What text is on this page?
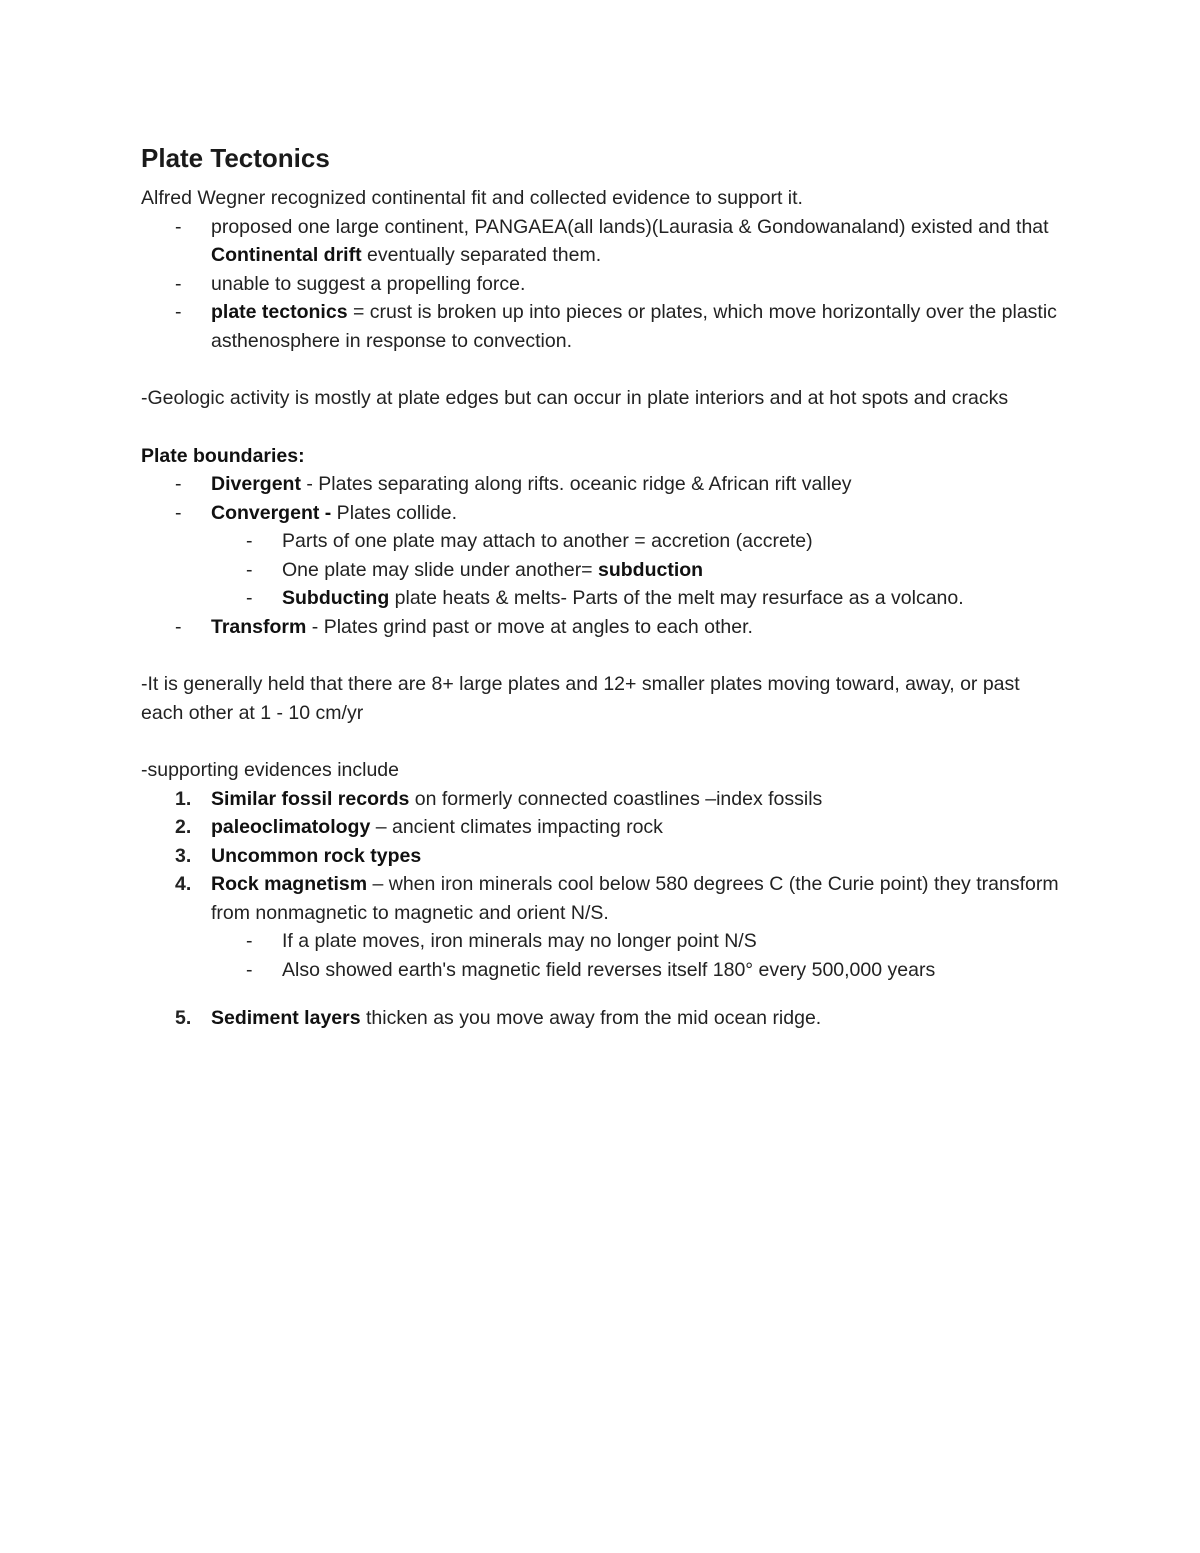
Plate Tectonics

Alfred Wegner recognized continental fit and collected evidence to support it.

- proposed one large continent, PANGAEA(all lands)(Laurasia & Gondowanaland) existed and that Continental drift eventually separated them.
- unable to suggest a propelling force.
- plate tectonics = crust is broken up into pieces or plates, which move horizontally over the plastic asthenosphere in response to convection.

-Geologic activity is mostly at plate edges but can occur in plate interiors and at hot spots and cracks

Plate boundaries:

- Divergent - Plates separating along rifts. oceanic ridge & African rift valley
- Convergent - Plates collide.
- Parts of one plate may attach to another = accretion (accrete)
- One plate may slide under another= subduction
- Subducting plate heats & melts- Parts of the melt may resurface as a volcano.
- Transform - Plates grind past or move at angles to each other.

-It is generally held that there are 8+ large plates and 12+ smaller plates moving toward, away, or past each other at 1 - 10 cm/yr

-supporting evidences include

1. Similar fossil records on formerly connected coastlines –index fossils
2. paleoclimatology – ancient climates impacting rock
3. Uncommon rock types
4. Rock magnetism – when iron minerals cool below 580 degrees C (the Curie point) they transform from nonmagnetic to magnetic and orient N/S.
- If a plate moves, iron minerals may no longer point N/S
- Also showed earth's magnetic field reverses itself 180° every 500,000 years
5. Sediment layers thicken as you move away from the mid ocean ridge.
